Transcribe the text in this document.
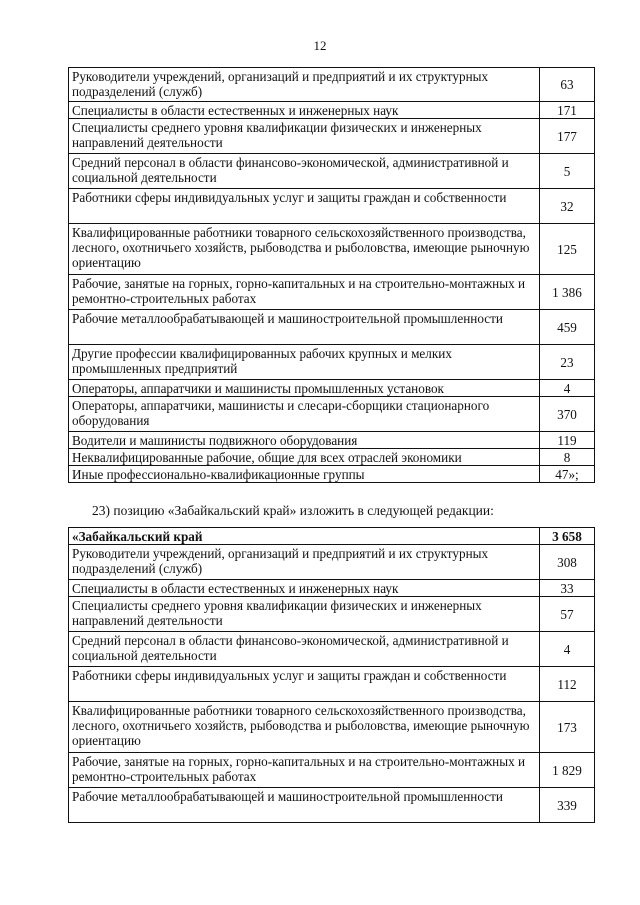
12
Руководители учреждений, организаций и предприятий и их структурных подразделений (служб)	63
Специалисты в области естественных и инженерных наук	171
Специалисты среднего уровня квалификации физических и инженерных направлений деятельности	177
Средний персонал в области финансово-экономической, административной и социальной деятельности	5
Работники сферы индивидуальных услуг и защиты граждан и собственности	32
Квалифицированные работники товарного сельскохозяйственного производства, лесного, охотничьего хозяйств, рыбоводства и рыболовства, имеющие рыночную ориентацию	125
Рабочие, занятые на горных, горно-капитальных и на строительно-монтажных и ремонтно-строительных работах	1 386
Рабочие металлообрабатывающей и машиностроительной промышленности	459
Другие профессии квалифицированных рабочих крупных и мелких промышленных предприятий	23
Операторы, аппаратчики и машинисты промышленных установок	4
Операторы, аппаратчики, машинисты и слесари-сборщики стационарного оборудования	370
Водители и машинисты подвижного оборудования	119
Неквалифицированные рабочие, общие для всех отраслей экономики	8
Иные профессионально-квалификационные группы	47»;
23) позицию «Забайкальский край» изложить в следующей редакции:
«Забайкальский край	3 658
Руководители учреждений, организаций и предприятий и их структурных подразделений (служб)	308
Специалисты в области естественных и инженерных наук	33
Специалисты среднего уровня квалификации физических и инженерных направлений деятельности	57
Средний персонал в области финансово-экономической, административной и социальной деятельности	4
Работники сферы индивидуальных услуг и защиты граждан и собственности	112
Квалифицированные работники товарного сельскохозяйственного производства, лесного, охотничьего хозяйств, рыбоводства и рыболовства, имеющие рыночную ориентацию	173
Рабочие, занятые на горных, горно-капитальных и на строительно-монтажных и ремонтно-строительных работах	1 829
Рабочие металлообрабатывающей и машиностроительной промышленности	339
